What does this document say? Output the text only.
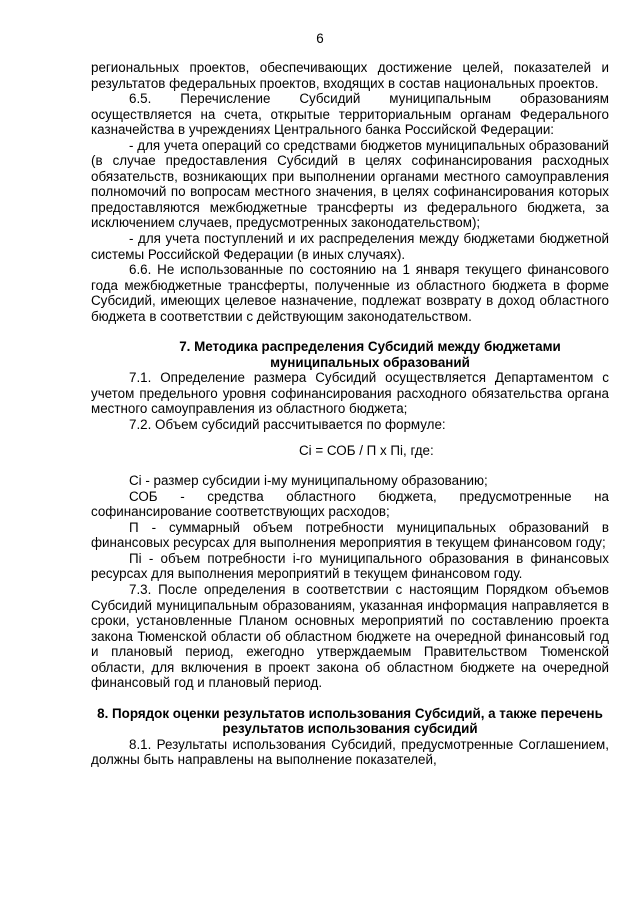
6

региональных проектов, обеспечивающих достижение целей, показателей и результатов федеральных проектов, входящих в состав национальных проектов.

6.5. Перечисление Субсидий муниципальным образованиям осуществляется на счета, открытые территориальным органам Федерального казначейства в учреждениях Центрального банка Российской Федерации:

- для учета операций со средствами бюджетов муниципальных образований (в случае предоставления Субсидий в целях софинансирования расходных обязательств, возникающих при выполнении органами местного самоуправления полномочий по вопросам местного значения, в целях софинансирования которых предоставляются межбюджетные трансферты из федерального бюджета, за исключением случаев, предусмотренных законодательством);

- для учета поступлений и их распределения между бюджетами бюджетной системы Российской Федерации (в иных случаях).

6.6. Не использованные по состоянию на 1 января текущего финансового года межбюджетные трансферты, полученные из областного бюджета в форме Субсидий, имеющих целевое назначение, подлежат возврату в доход областного бюджета в соответствии с действующим законодательством.

7. Методика распределения Субсидий между бюджетами муниципальных образований

7.1. Определение размера Субсидий осуществляется Департаментом с учетом предельного уровня софинансирования расходного обязательства органа местного самоуправления из областного бюджета;

7.2. Объем субсидий рассчитывается по формуле:

Ci = СОБ / П x Пi, где:

Ci - размер субсидии i-му муниципальному образованию;

СОБ - средства областного бюджета, предусмотренные на софинансирование соответствующих расходов;

П - суммарный объем потребности муниципальных образований в финансовых ресурсах для выполнения мероприятия в текущем финансовом году;

Пi - объем потребности i-го муниципального образования в финансовых ресурсах для выполнения мероприятий в текущем финансовом году.

7.3. После определения в соответствии с настоящим Порядком объемов Субсидий муниципальным образованиям, указанная информация направляется в сроки, установленные Планом основных мероприятий по составлению проекта закона Тюменской области об областном бюджете на очередной финансовый год и плановый период, ежегодно утверждаемым Правительством Тюменской области, для включения в проект закона об областном бюджете на очередной финансовый год и плановый период.

8. Порядок оценки результатов использования Субсидий, а также перечень результатов использования субсидий

8.1. Результаты использования Субсидий, предусмотренные Соглашением, должны быть направлены на выполнение показателей,
